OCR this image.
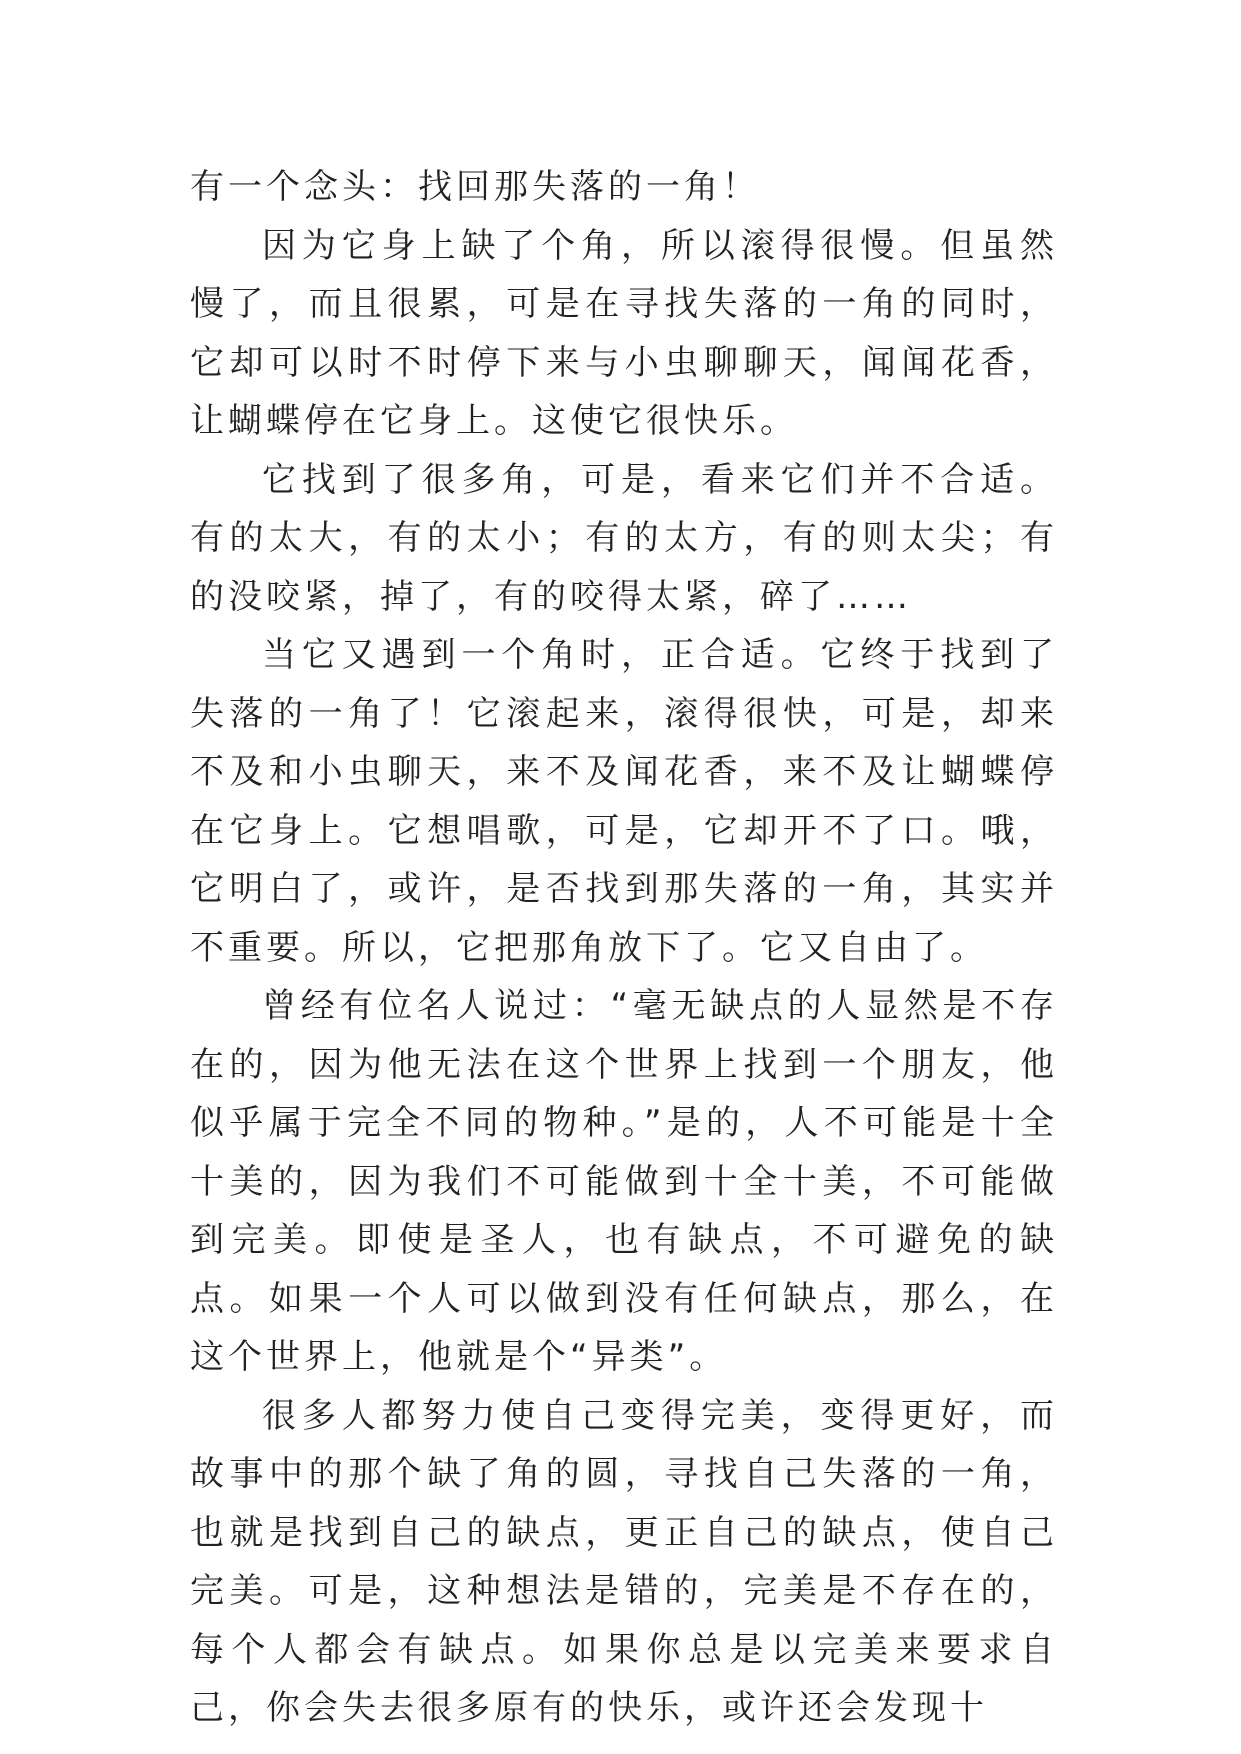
有一个念头：找回那失落的一角！

因为它身上缺了个角，所以滚得很慢。但虽然慢了，而且很累，可是在寻找失落的一角的同时，它却可以时不时停下来与小虫聊聊天，闻闻花香，让蝴蝶停在它身上。这使它很快乐。

它找到了很多角，可是，看来它们并不合适。有的太大，有的太小；有的太方，有的则太尖；有的没咬紧，掉了，有的咬得太紧，碎了……

当它又遇到一个角时，正合适。它终于找到了失落的一角了！它滚起来，滚得很快，可是，却来不及和小虫聊天，来不及闻花香，来不及让蝴蝶停在它身上。它想唱歌，可是，它却开不了口。哦，它明白了，或许，是否找到那失落的一角，其实并不重要。所以，它把那角放下了。它又自由了。

曾经有位名人说过：“毫无缺点的人显然是不存在的，因为他无法在这个世界上找到一个朋友，他似乎属于完全不同的物种。”是的，人不可能是十全十美的，因为我们不可能做到十全十美，不可能做到完美。即使是圣人，也有缺点，不可避免的缺点。如果一个人可以做到没有任何缺点，那么，在这个世界上，他就是个“异类”。

很多人都努力使自己变得完美，变得更好，而故事中的那个缺了角的圆，寻找自己失落的一角，也就是找到自己的缺点，更正自己的缺点，使自己完美。可是，这种想法是错的，完美是不存在的，每个人都会有缺点。如果你总是以完美来要求自己，你会失去很多原有的快乐，或许还会发现十
